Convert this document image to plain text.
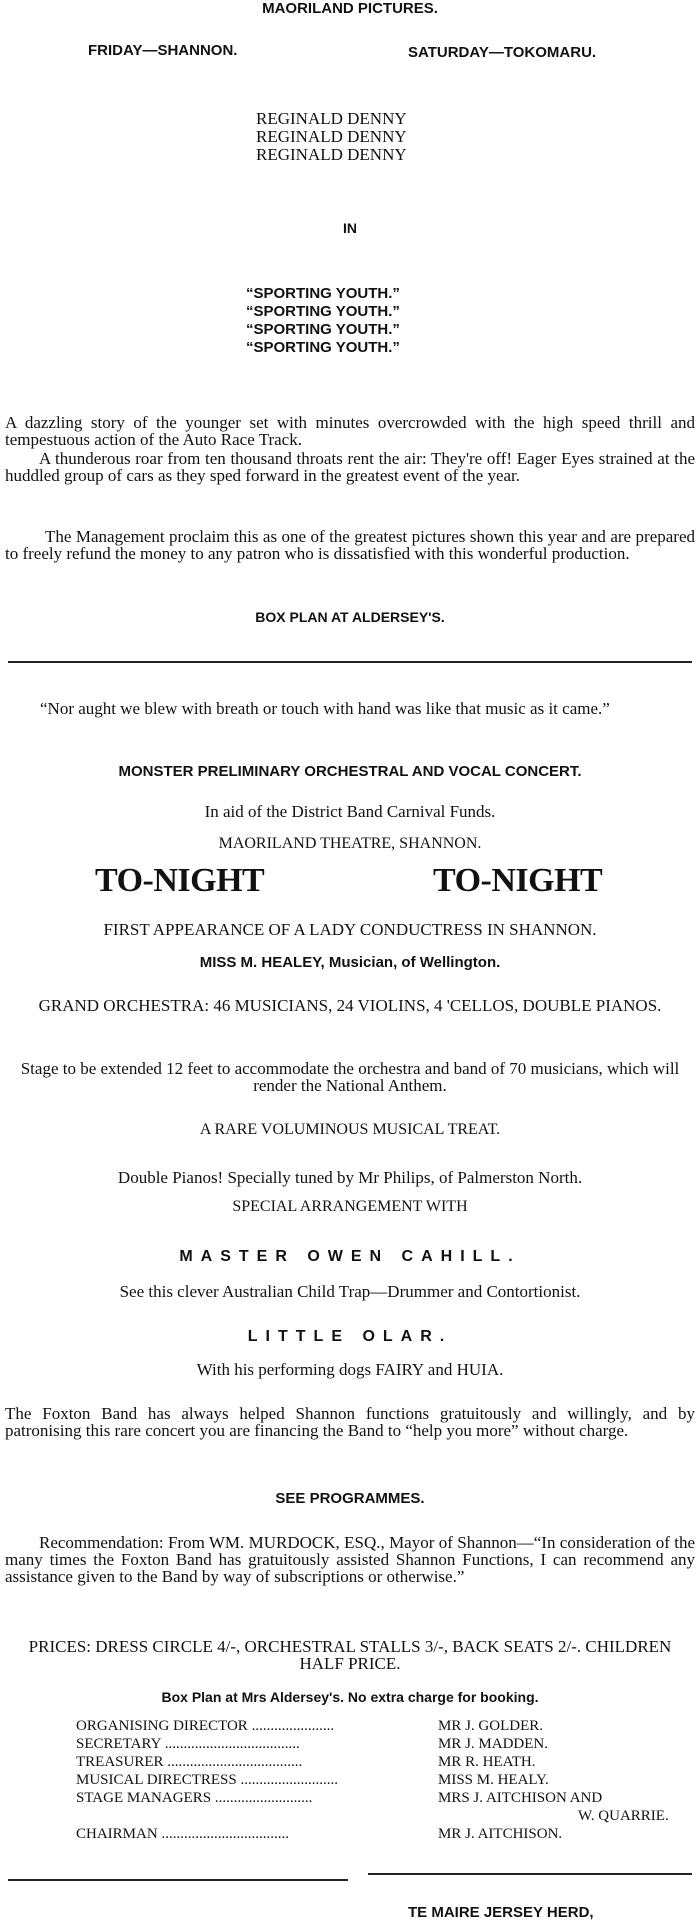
MAORILAND PICTURES.
FRIDAY—SHANNON.	SATURDAY—TOKOMARU.
REGINALD DENNY
REGINALD DENNY
REGINALD DENNY
IN
“SPORTING YOUTH.”
“SPORTING YOUTH.”
“SPORTING YOUTH.”
“SPORTING YOUTH.”
A dazzling story of the younger set with minutes overcrowded with the high speed thrill and tempestuous action of the Auto Race Track.
A thunderous roar from ten thousand throats rent the air: They're off! Eager Eyes strained at the huddled group of cars as they sped forward in the greatest event of the year.
The Management proclaim this as one of the greatest pictures shown this year and are prepared to freely refund the money to any patron who is dissatisfied with this wonderful production.
BOX PLAN AT ALDERSEY'S.
“Nor aught we blew with breath or touch with hand was like that music as it came.”
MONSTER PRELIMINARY ORCHESTRAL AND VOCAL CONCERT.
In aid of the District Band Carnival Funds.
MAORILAND THEATRE, SHANNON.
TO-NIGHT	TO-NIGHT
FIRST APPEARANCE OF A LADY CONDUCTRESS IN SHANNON.
MISS M. HEALEY, Musician, of Wellington.
GRAND ORCHESTRA: 46 MUSICIANS, 24 VIOLINS, 4 'CELLOS, DOUBLE PIANOS.
Stage to be extended 12 feet to accommodate the orchestra and band of 70 musicians, which will render the National Anthem.
A RARE VOLUMINOUS MUSICAL TREAT.
Double Pianos! Specially tuned by Mr Philips, of Palmerston North.
SPECIAL ARRANGEMENT WITH
MASTER OWEN CAHILL.
See this clever Australian Child Trap—Drummer and Contortionist.
LITTLE OLAR.
With his performing dogs FAIRY and HUIA.
The Foxton Band has always helped Shannon functions gratuitously and willingly, and by patronising this rare concert you are financing the Band to “help you more” without charge.
SEE PROGRAMMES.
Recommendation: From WM. MURDOCK, ESQ., Mayor of Shannon—“In consideration of the many times the Foxton Band has gratuitously assisted Shannon Functions, I can recommend any assistance given to the Band by way of subscriptions or otherwise.”
PRICES: DRESS CIRCLE 4/-, ORCHESTRAL STALLS 3/-, BACK SEATS 2/-. CHILDREN HALF PRICE.
Box Plan at Mrs Aldersey's. No extra charge for booking.
ORGANISING DIRECTOR ......................	MR J. GOLDER.
SECRETARY ....................................	MR J. MADDEN.
TREASURER ....................................	MR R. HEATH.
MUSICAL DIRECTRESS ..........................	MISS M. HEALY.
STAGE MANAGERS ..........................	MRS J. AITCHISON AND
W. QUARRIE.
CHAIRMAN ..................................	MR J. AITCHISON.
TE MAIRE JERSEY HERD,
